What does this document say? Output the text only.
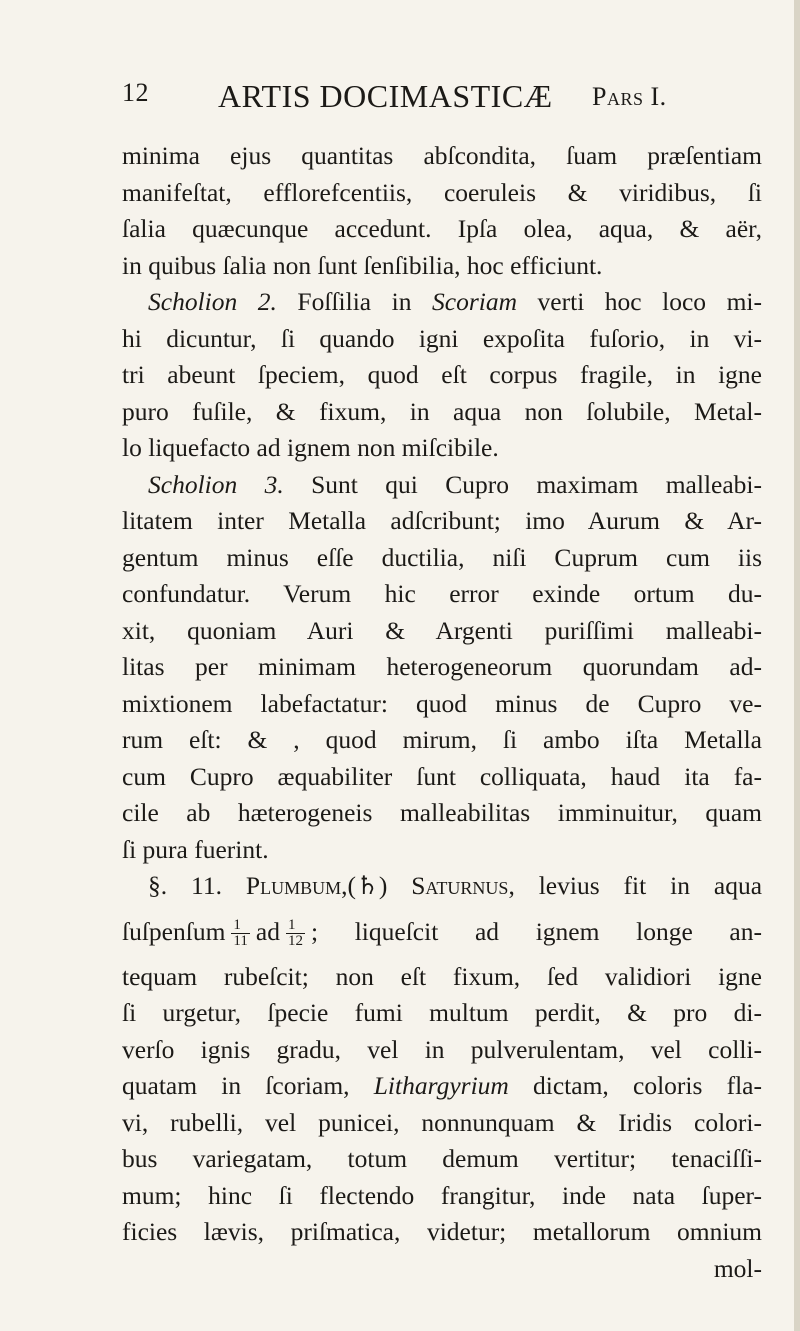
12 ARTIS DOCIMASTICÆ Pars I.
minima ejus quantitas abſcondita, ſuam præſentiam
manifeſtat, efflorefcentiis, coeruleis & viridibus, ſi
ſalia quæcunque accedunt. Ipſa olea, aqua, & aër,
in quibus ſalia non ſunt ſenſibilia, hoc efficiunt.
Scholion 2. Foſſilia in Scoriam verti hoc loco mi-
hi dicuntur, ſi quando igni expoſita fuſorio, in vi-
tri abeunt ſpeciem, quod eſt corpus fragile, in igne
puro fuſile, & fixum, in aqua non ſolubile, Metal-
lo liquefacto ad ignem non miſcibile.
Scholion 3. Sunt qui Cupro maximam malleabi-
litatem inter Metalla adſcribunt; imo Aurum & Ar-
gentum minus eſſe ductilia, niſi Cuprum cum iis
confundatur. Verum hic error exinde ortum du-
xit, quoniam Auri & Argenti puriſſimi malleabi-
litas per minimam heterogeneorum quorundam ad-
mixtionem labefactatur: quod minus de Cupro ve-
rum eſt: & , quod mirum, ſi ambo iſta Metalla
cum Cupro æquabiliter ſunt colliquata, haud ita fa-
cile ab hæterogeneis malleabilitas imminuitur, quam
ſi pura fuerint.
§. 11. Plumbum,(♄) Saturnus, levius fit in aqua
ſuſpenſum $\frac{1}{11}$ ad $\frac{1}{12}$ ; liqueſcit ad ignem longe an-
tequam rubeſcit; non eſt fixum, ſed validiori igne
ſi urgetur, ſpecie fumi multum perdit, & pro di-
verſo ignis gradu, vel in pulverulentam, vel colli-
quatam in ſcoriam, Lithargyrium dictam, coloris fla-
vi, rubelli, vel punicei, nonnunquam & Iridis colori-
bus variegatam, totum demum vertitur; tenaciſſi-
mum; hinc ſi flectendo frangitur, inde nata ſuper-
ficies lævis, priſmatica, videtur; metallorum omnium
mol-
